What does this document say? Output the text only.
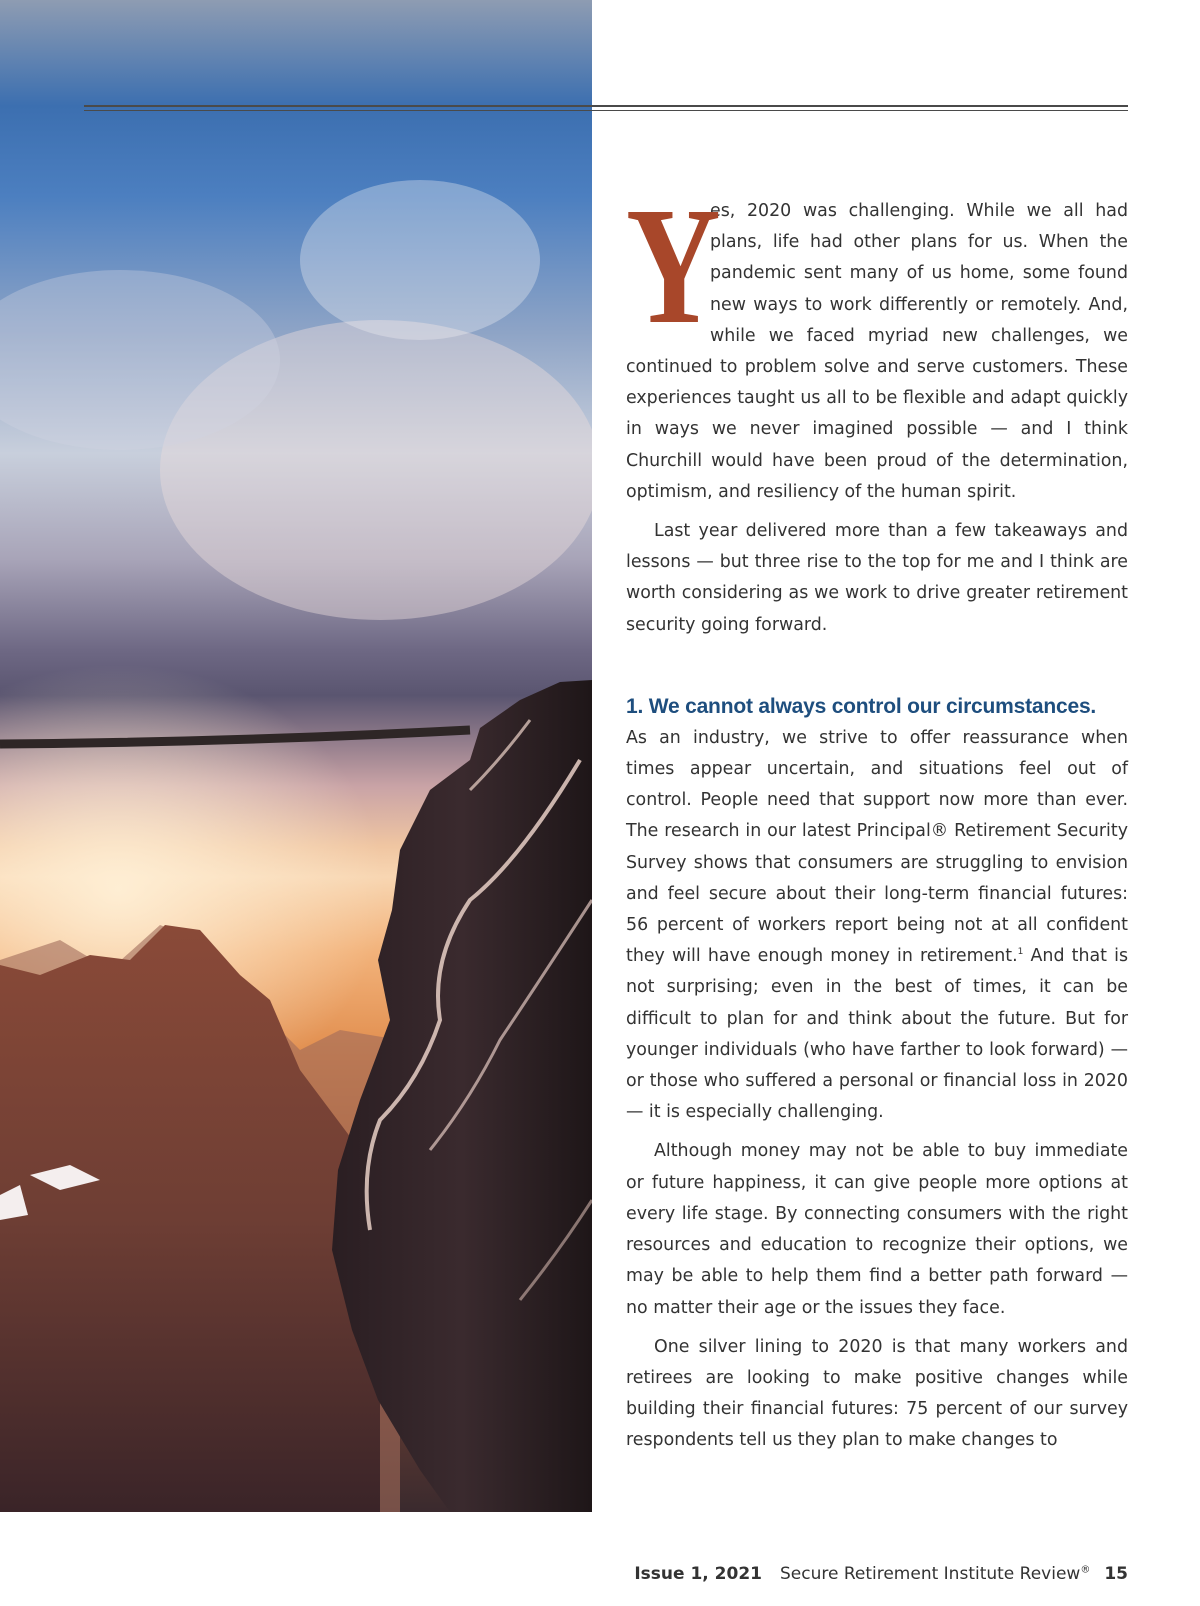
Y
es, 2020 was challenging. While we all had plans, life had other plans for us. When the pandemic sent many of us home, some found new ways to work differently or remotely. And, while we faced myriad new challenges, we continued to problem solve and serve customers. These experiences taught us all to be flexible and adapt quickly in ways we never imagined possible — and I think Churchill would have been proud of the determination, optimism, and resiliency of the human spirit.

Last year delivered more than a few takeaways and lessons — but three rise to the top for me and I think are worth considering as we work to drive greater retirement security going forward.

1. We cannot always control our circumstances.

As an industry, we strive to offer reassurance when times appear uncertain, and situations feel out of control. People need that support now more than ever. The research in our latest Principal® Retirement Security Survey shows that consumers are struggling to envision and feel secure about their long-term financial futures: 56 percent of workers report being not at all confident they will have enough money in retirement.$^1$ And that is not surprising; even in the best of times, it can be difficult to plan for and think about the future. But for younger individuals (who have farther to look forward) — or those who suffered a personal or financial loss in 2020 — it is especially challenging.

Although money may not be able to buy immediate or future happiness, it can give people more options at every life stage. By connecting consumers with the right resources and education to recognize their options, we may be able to help them find a better path forward — no matter their age or the issues they face.

One silver lining to 2020 is that many workers and retirees are looking to make positive changes while building their financial futures: 75 percent of our survey respondents tell us they plan to make changes to

Issue 1, 2021 Secure Retirement Institute Review® 15
